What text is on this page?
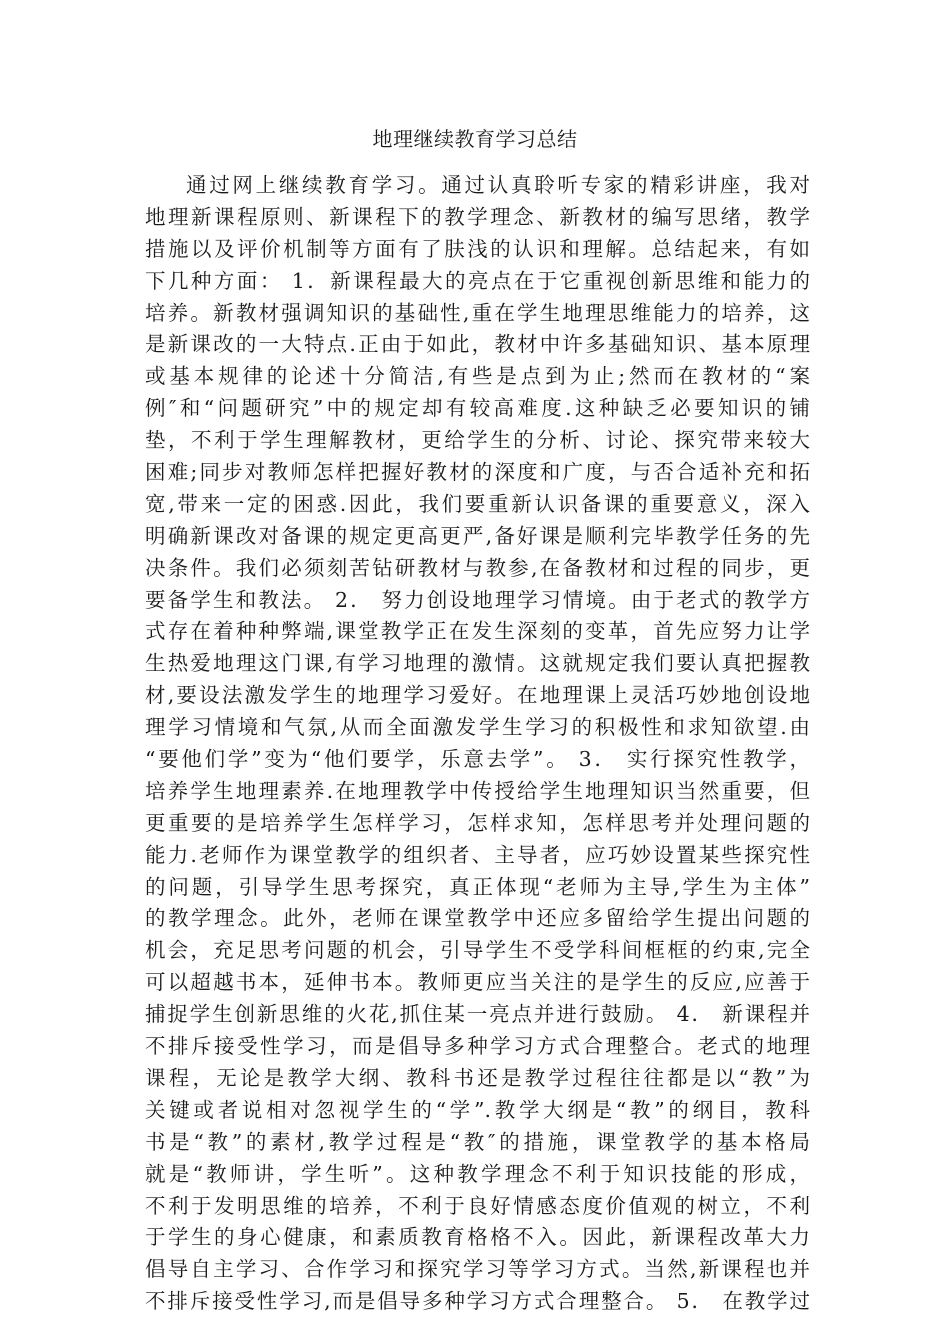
地理继续教育学习总结
通过网上继续教育学习。通过认真聆听专家的精彩讲座，我对
地理新课程原则、新课程下的教学理念、新教材的编写思绪，教学
措施以及评价机制等方面有了肤浅的认识和理解。总结起来，有如
下几种方面： 1．新课程最大的亮点在于它重视创新思维和能力的
培养。新教材强调知识的基础性,重在学生地理思维能力的培养，这
是新课改的一大特点.正由于如此，教材中许多基础知识、基本原理
或基本规律的论述十分简洁,有些是点到为止;然而在教材的“案
例″和“问题研究”中的规定却有较高难度.这种缺乏必要知识的铺
垫，不利于学生理解教材，更给学生的分析、讨论、探究带来较大
困难;同步对教师怎样把握好教材的深度和广度，与否合适补充和拓
宽,带来一定的困惑.因此，我们要重新认识备课的重要意义，深入
明确新课改对备课的规定更高更严,备好课是顺利完毕教学任务的先
决条件。我们必须刻苦钻研教材与教参,在备教材和过程的同步，更
要备学生和教法。 2． 努力创设地理学习情境。由于老式的教学方
式存在着种种弊端,课堂教学正在发生深刻的变革，首先应努力让学
生热爱地理这门课,有学习地理的激情。这就规定我们要认真把握教
材,要设法激发学生的地理学习爱好。在地理课上灵活巧妙地创设地
理学习情境和气氛,从而全面激发学生学习的积极性和求知欲望.由
“要他们学”变为“他们要学，乐意去学”。 3． 实行探究性教学，
培养学生地理素养.在地理教学中传授给学生地理知识当然重要，但
更重要的是培养学生怎样学习，怎样求知，怎样思考并处理问题的
能力.老师作为课堂教学的组织者、主导者，应巧妙设置某些探究性
的问题，引导学生思考探究，真正体现“老师为主导,学生为主体”
的教学理念。此外，老师在课堂教学中还应多留给学生提出问题的
机会，充足思考问题的机会，引导学生不受学科间框框的约束,完全
可以超越书本，延伸书本。教师更应当关注的是学生的反应,应善于
捕捉学生创新思维的火花,抓住某一亮点并进行鼓励。 4． 新课程并
不排斥接受性学习，而是倡导多种学习方式合理整合。老式的地理
课程，无论是教学大纲、教科书还是教学过程往往都是以“教”为
关键或者说相对忽视学生的“学”.教学大纲是“教”的纲目，教科
书是“教”的素材,教学过程是“教″的措施，课堂教学的基本格局
就是“教师讲，学生听”。这种教学理念不利于知识技能的形成，
不利于发明思维的培养，不利于良好情感态度价值观的树立，不利
于学生的身心健康，和素质教育格格不入。因此，新课程改革大力
倡导自主学习、合作学习和探究学习等学习方式。当然,新课程也并
不排斥接受性学习,而是倡导多种学习方式合理整合。 5． 在教学过
